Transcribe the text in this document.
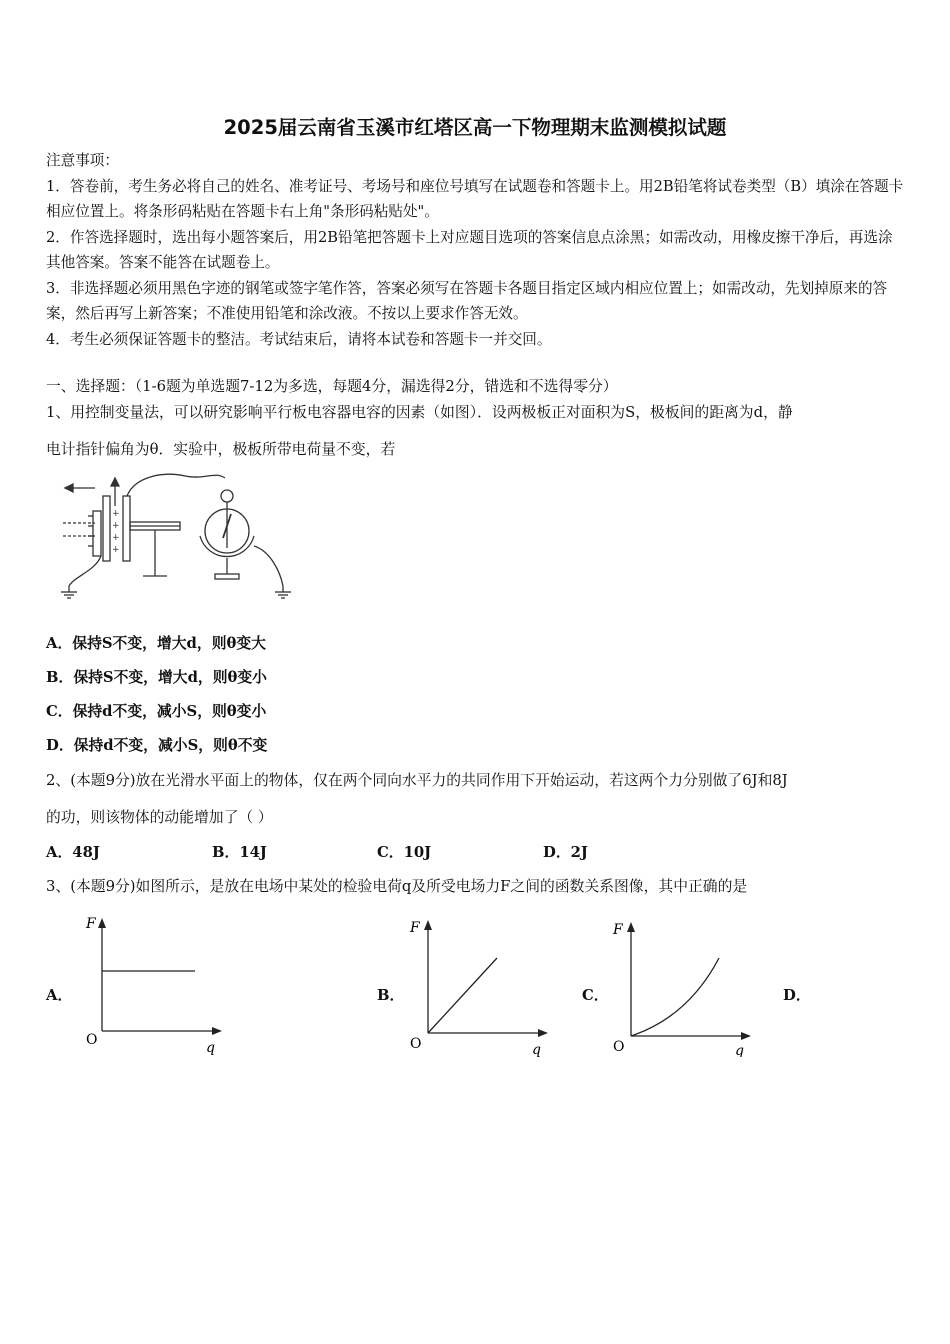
2025届云南省玉溪市红塔区高一下物理期末监测模拟试题
注意事项：
1．答卷前，考生务必将自己的姓名、准考证号、考场号和座位号填写在试题卷和答题卡上。用2B铅笔将试卷类型（B）填涂在答题卡相应位置上。将条形码粘贴在答题卡右上角"条形码粘贴处"。
2．作答选择题时，选出每小题答案后，用2B铅笔把答题卡上对应题目选项的答案信息点涂黑；如需改动，用橡皮擦干净后，再选涂其他答案。答案不能答在试题卷上。
3．非选择题必须用黑色字迹的钢笔或签字笔作答，答案必须写在答题卡各题目指定区域内相应位置上；如需改动，先划掉原来的答案，然后再写上新答案；不准使用铅笔和涂改液。不按以上要求作答无效。
4．考生必须保证答题卡的整洁。考试结束后，请将本试卷和答题卡一并交回。
一、选择题：（1-6题为单选题7-12为多选，每题4分，漏选得2分，错选和不选得零分）
1、用控制变量法，可以研究影响平行板电容器电容的因素（如图）．设两极板正对面积为S，极板间的距离为d，静
电计指针偏角为θ．实验中，极板所带电荷量不变，若
+
+
+
+
A．保持S不变，增大d，则θ变大
B．保持S不变，增大d，则θ变小
C．保持d不变，减小S，则θ变小
D．保持d不变，减小S，则θ不变
2、(本题9分)放在光滑水平面上的物体，仅在两个同向水平力的共同作用下开始运动，若这两个力分别做了6J和8J
的功，则该物体的动能增加了（ ）
A．48J	B．14J	C．10J	D．2J
3、(本题9分)如图所示，是放在电场中某处的检验电荷q及所受电场力F之间的函数关系图像，其中正确的是
A．	B．	C．	D．
F
O	q
F
O	q
F
O	q
